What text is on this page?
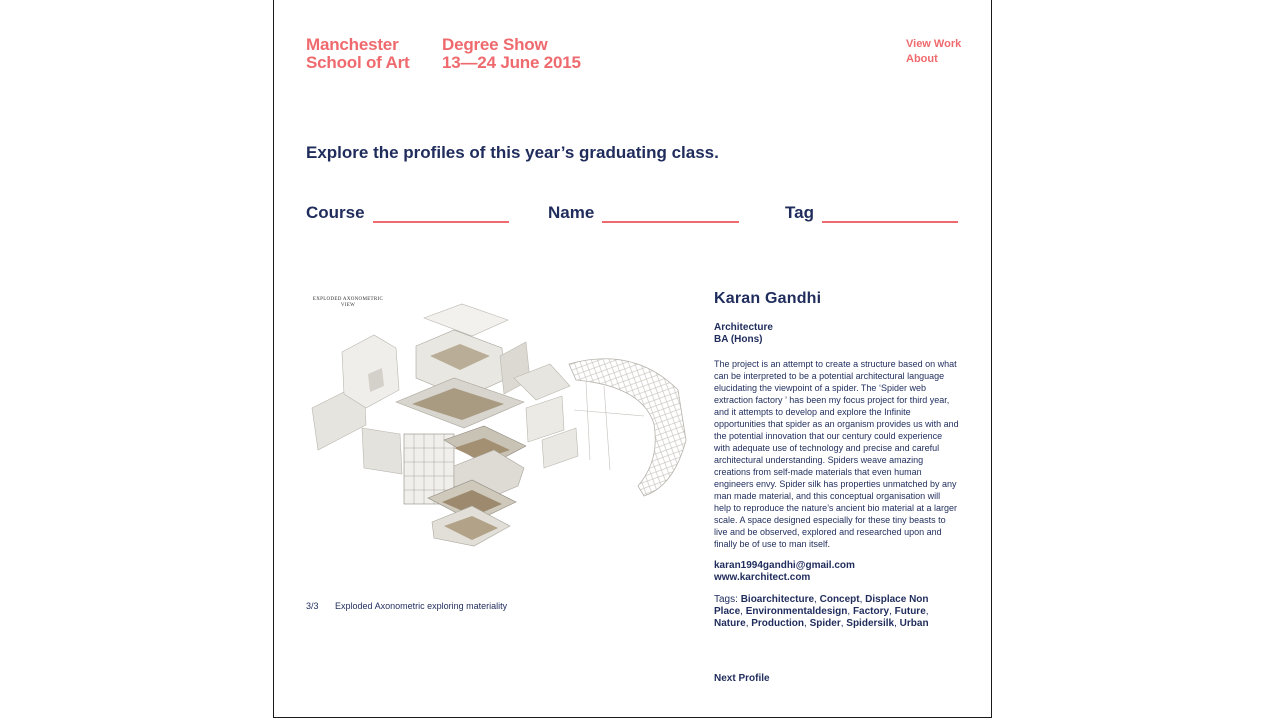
Manchester
School of Art
Degree Show
13—24 June 2015
View Work
About
Explore the profiles of this year’s graduating class.
Course	Name	Tag
EXPLODED AXONOMETRIC
VIEW
3/3 Exploded Axonometric exploring materiality
Karan Gandhi
Architecture
BA (Hons)
The project is an attempt to create a structure based on what can be interpreted to be a potential architectural language elucidating the viewpoint of a spider. The ‘Spider web extraction factory ’ has been my focus project for third year, and it attempts to develop and explore the Infinite opportunities that spider as an organism provides us with and the potential innovation that our century could experience with adequate use of technology and precise and careful architectural understanding. Spiders weave amazing creations from self-made materials that even human engineers envy. Spider silk has properties unmatched by any man made material, and this conceptual organisation will help to reproduce the nature’s ancient bio material at a larger scale. A space designed especially for these tiny beasts to live and be observed, explored and researched upon and finally be of use to man itself.
karan1994gandhi@gmail.com
www.karchitect.com
Tags: Bioarchitecture, Concept, Displace Non Place, Environmentaldesign, Factory, Future, Nature, Production, Spider, Spidersilk, Urban
Next Profile
